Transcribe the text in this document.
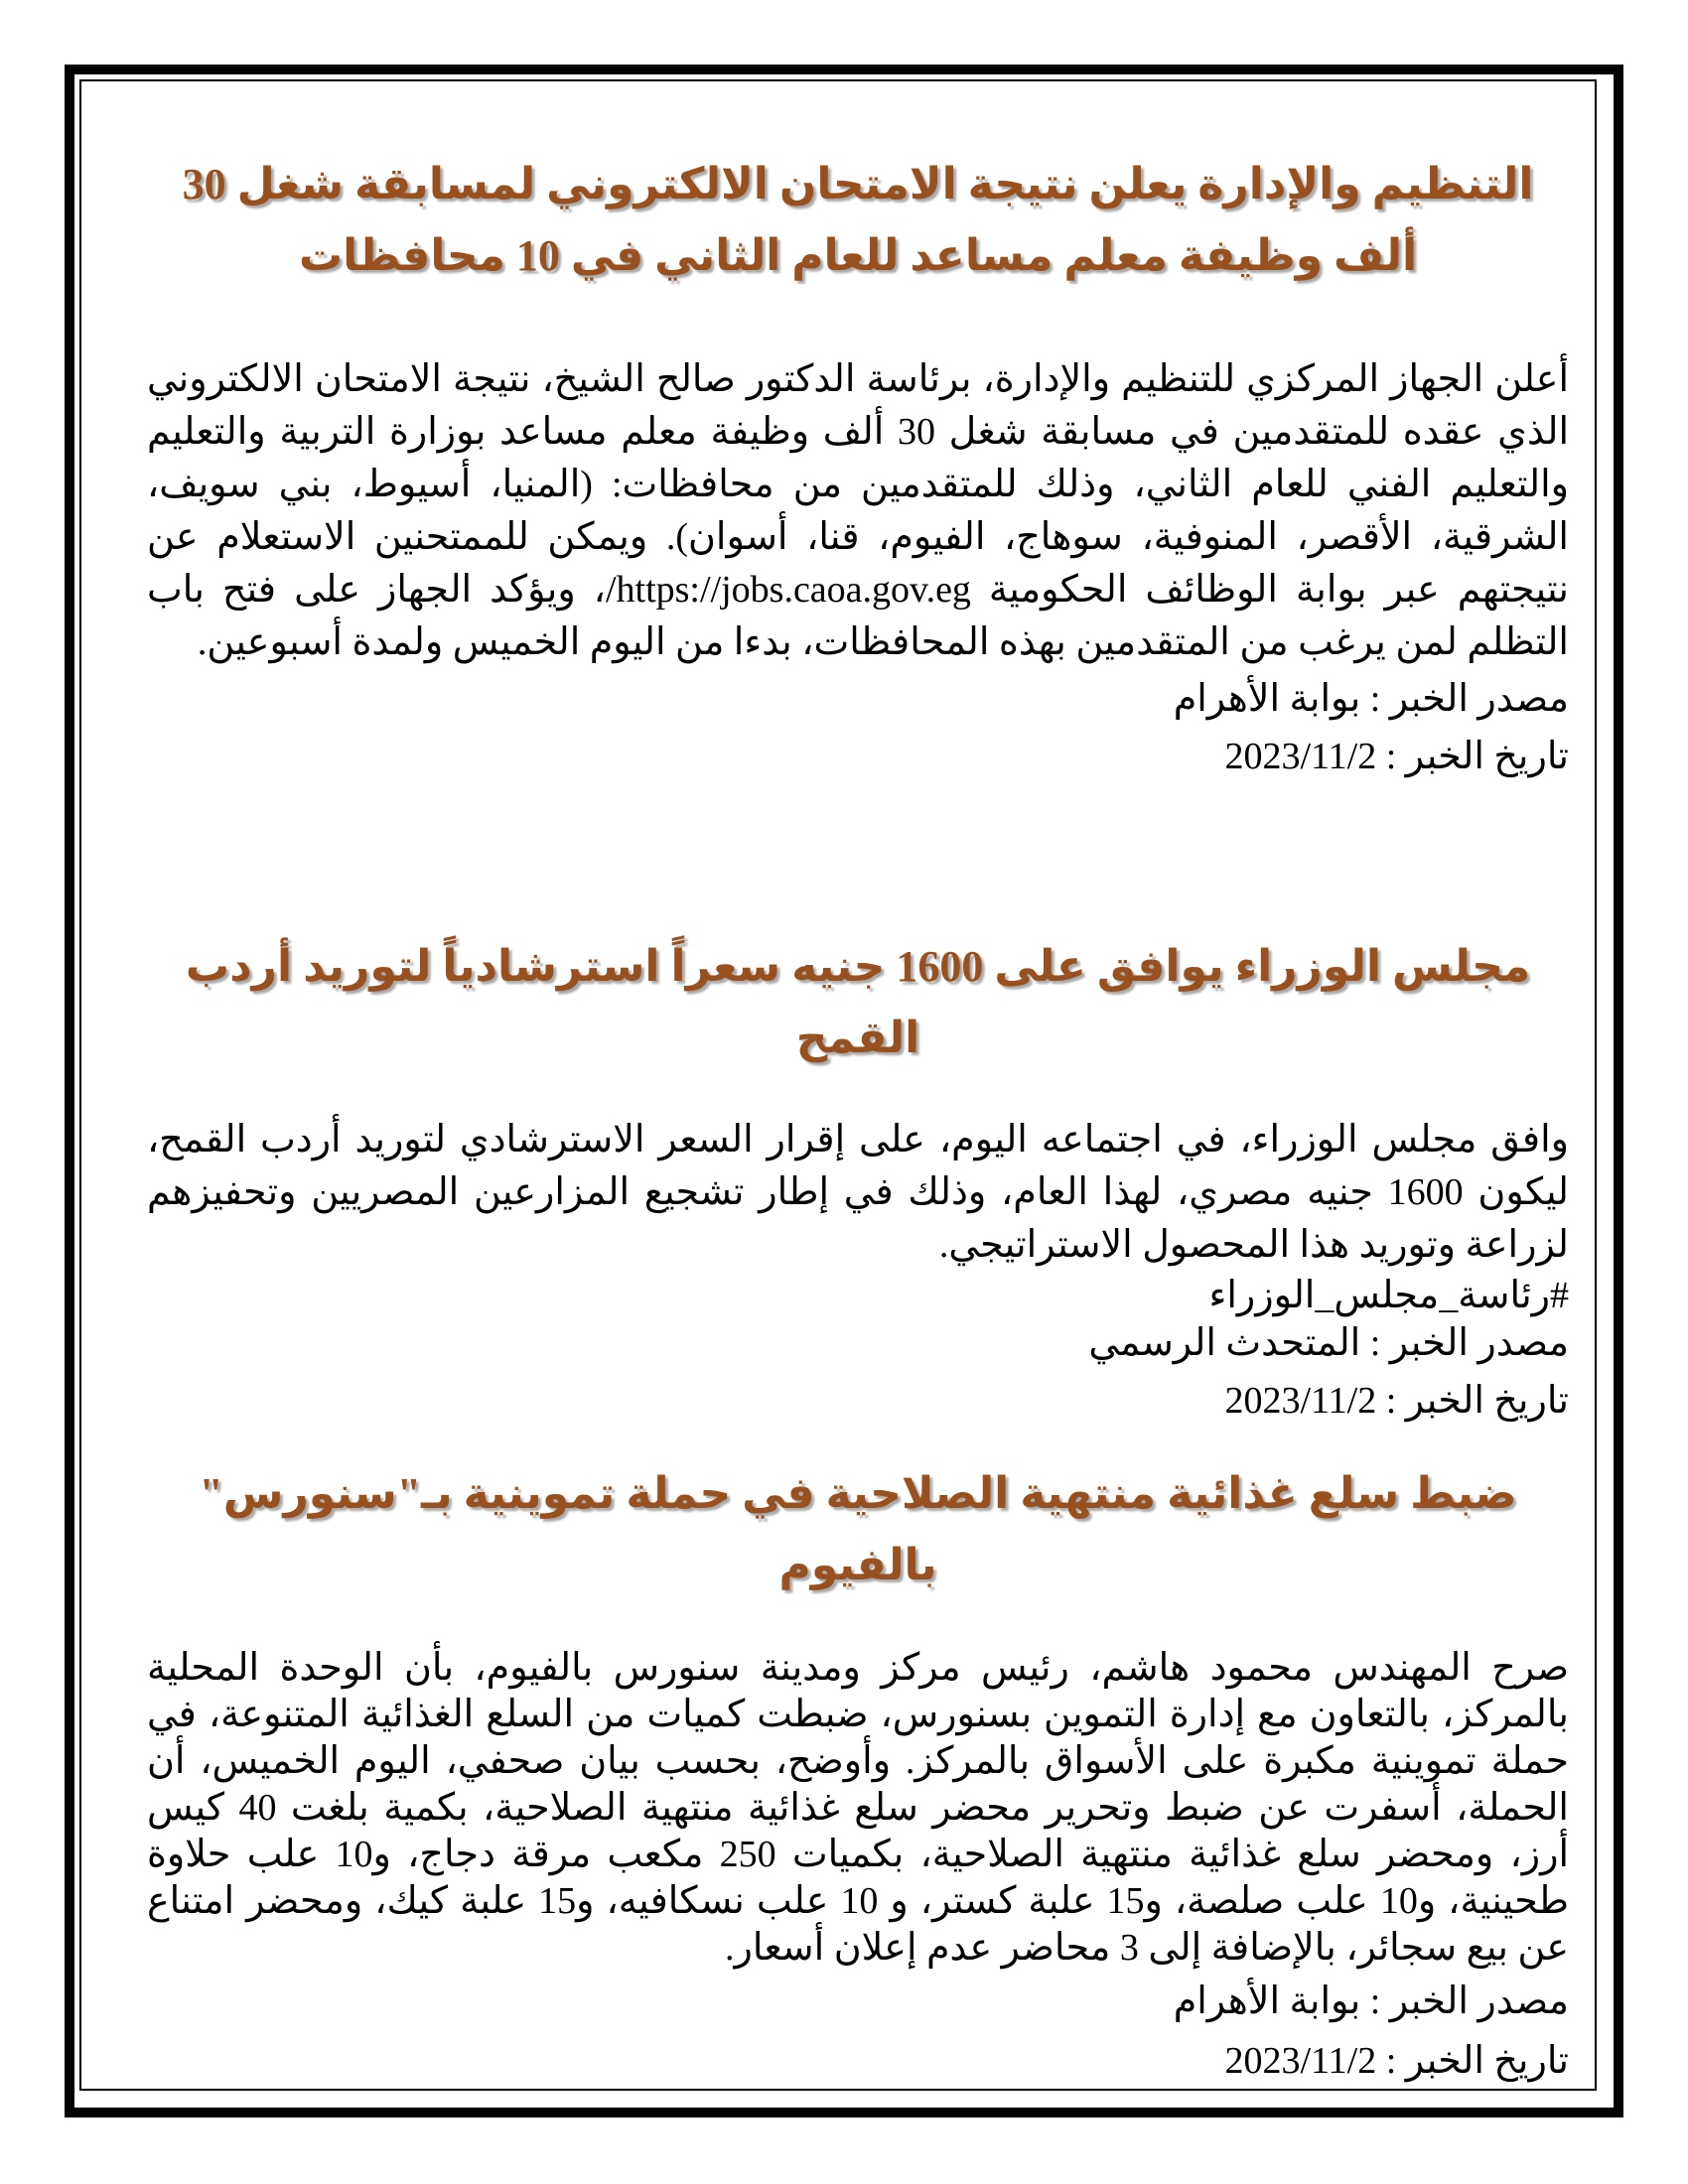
التنظيم والإدارة يعلن نتيجة الامتحان الالكتروني لمسابقة شغل 30 ألف وظيفة معلم مساعد للعام الثاني في 10 محافظات

أعلن الجهاز المركزي للتنظيم والإدارة، برئاسة الدكتور صالح الشيخ، نتيجة الامتحان الالكتروني الذي عقده للمتقدمين في مسابقة شغل 30 ألف وظيفة معلم مساعد بوزارة التربية والتعليم والتعليم الفني للعام الثاني، وذلك للمتقدمين من محافظات: (المنيا، أسيوط، بني سويف، الشرقية، الأقصر، المنوفية، سوهاج، الفيوم، قنا، أسوان). ويمكن للممتحنين الاستعلام عن نتيجتهم عبر بوابة الوظائف الحكومية https://jobs.caoa.gov.eg/، ويؤكد الجهاز على فتح باب التظلم لمن يرغب من المتقدمين بهذه المحافظات، بدءا من اليوم الخميس ولمدة أسبوعين.

مصدر الخبر : بوابة الأهرام
تاريخ الخبر : 2023/11/2
مجلس الوزراء يوافق على 1600 جنيه سعراً استرشادياً لتوريد أردب القمح

وافق مجلس الوزراء، في اجتماعه اليوم، على إقرار السعر الاسترشادي لتوريد أردب القمح، ليكون 1600 جنيه مصري، لهذا العام، وذلك في إطار تشجيع المزارعين المصريين وتحفيزهم لزراعة وتوريد هذا المحصول الاستراتيجي.

#رئاسة_مجلس_الوزراء
مصدر الخبر : المتحدث الرسمي
تاريخ الخبر : 2023/11/2
ضبط سلع غذائية منتهية الصلاحية في حملة تموينية بـ"سنورس" بالفيوم

صرح المهندس محمود هاشم، رئيس مركز ومدينة سنورس بالفيوم، بأن الوحدة المحلية بالمركز، بالتعاون مع إدارة التموين بسنورس، ضبطت كميات من السلع الغذائية المتنوعة، في حملة تموينية مكبرة على الأسواق بالمركز. وأوضح، بحسب بيان صحفي، اليوم الخميس، أن الحملة، أسفرت عن ضبط وتحرير محضر سلع غذائية منتهية الصلاحية، بكمية بلغت 40 كيس أرز، ومحضر سلع غذائية منتهية الصلاحية، بكميات 250 مكعب مرقة دجاج، و10 علب حلاوة طحينية، و10 علب صلصة، و15 علبة كستر، و 10 علب نسكافيه، و15 علبة كيك، ومحضر امتناع عن بيع سجائر، بالإضافة إلى 3 محاضر عدم إعلان أسعار.

مصدر الخبر : بوابة الأهرام
تاريخ الخبر : 2023/11/2
